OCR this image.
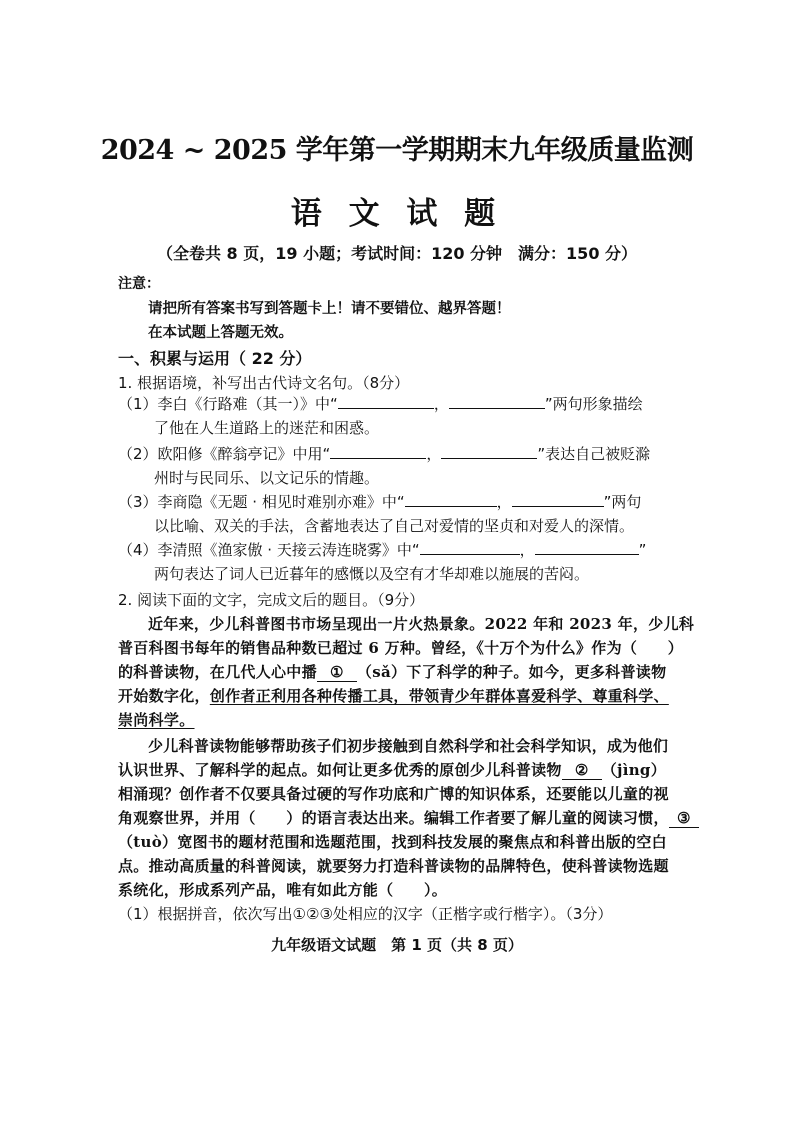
2024 ~ 2025 学年第一学期期末九年级质量监测
语 文 试 题
（全卷共 8 页，19 小题；考试时间：120 分钟　满分：150 分）
注意：
请把所有答案书写到答题卡上！请不要错位、越界答题！
在本试题上答题无效。
一、积累与运用（ 22 分）
1. 根据语境，补写出古代诗文名句。（8分）
（1）李白《行路难（其一）》中“	，	”两句形象描绘
了他在人生道路上的迷茫和困惑。
（2）欧阳修《醉翁亭记》中用“	，	”表达自己被贬滁
州时与民同乐、以文记乐的情趣。
（3）李商隐《无题 · 相见时难别亦难》中“	，	”两句
以比喻、双关的手法，含蓄地表达了自己对爱情的坚贞和对爱人的深情。
（4）李清照《渔家傲 · 天接云涛连晓雾》中“	，	”
两句表达了词人已近暮年的感慨以及空有才华却难以施展的苦闷。
2. 阅读下面的文字，完成文后的题目。（9分）
近年来，少儿科普图书市场呈现出一片火热景象。2022 年和 2023 年，少儿科
普百科图书每年的销售品种数已超过 6 万种。曾经，《十万个为什么》作为（　　）
的科普读物，在几代人心中播 ① （sǎ）下了科学的种子。如今，更多科普读物
开始数字化，创作者正利用各种传播工具，带领青少年群体喜爱科学、尊重科学、
崇尚科学。
少儿科普读物能够帮助孩子们初步接触到自然科学和社会科学知识，成为他们
认识世界、了解科学的起点。如何让更多优秀的原创少儿科普读物 ② （jìng）
相涌现？创作者不仅要具备过硬的写作功底和广博的知识体系，还要能以儿童的视
角观察世界，并用（　　）的语言表达出来。编辑工作者要了解儿童的阅读习惯， ③
（tuò）宽图书的题材范围和选题范围，找到科技发展的聚焦点和科普出版的空白
点。推动高质量的科普阅读，就要努力打造科普读物的品牌特色，使科普读物选题
系统化，形成系列产品，唯有如此方能（　　）。
（1）根据拼音，依次写出①②③处相应的汉字（正楷字或行楷字）。（3分）
九年级语文试题　第 1 页（共 8 页）
